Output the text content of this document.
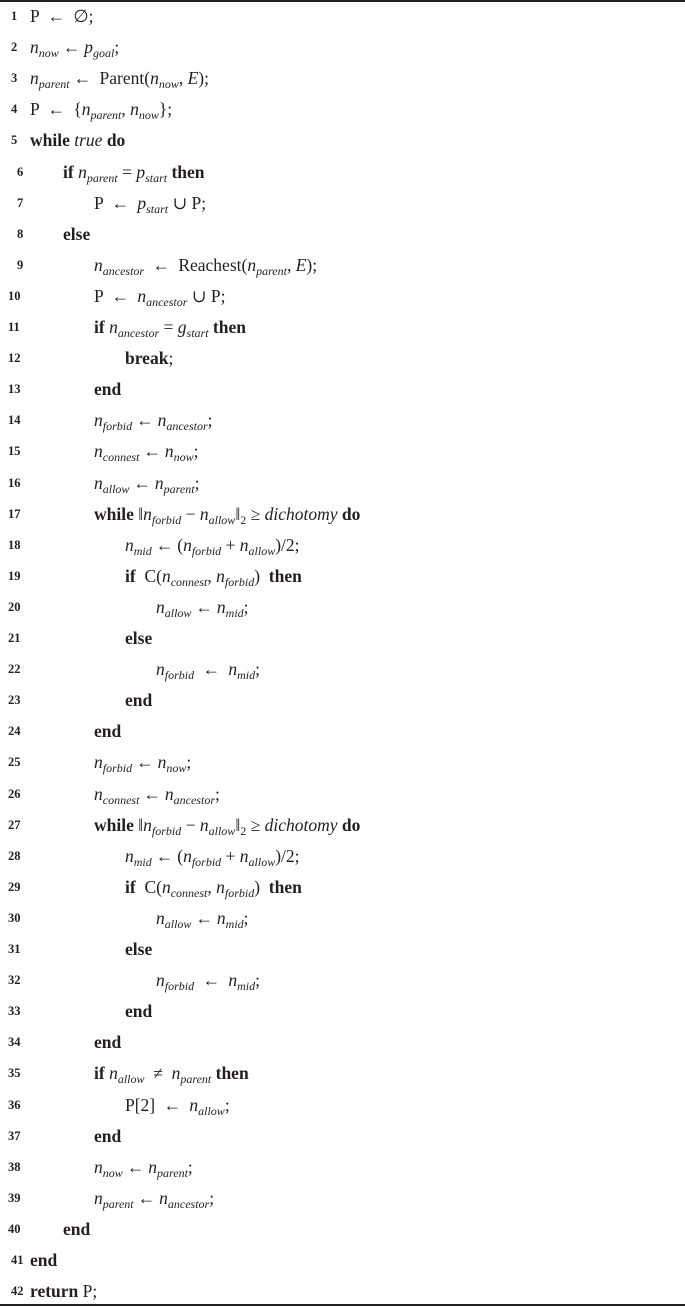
1 P ← ∅;
2 $n_{now}$ ← $p_{goal}$;
3 $n_{parent}$ ← $Parent(n_{now}$, E);
4 P ← {$n_{parent}$, $n_{now}$};
5 while true do
6 if $n_{parent} = p_{start}$ then
7	P ← $p_{start}$ ∪ P;
8 else
9	$n_{ancestor}$ ← $Reachest(n_{parent}$, E);
10	P ← $n_{ancestor}$ ∪ P;
11	if $n_{ancestor} = g_{start}$ then
12	break;
13	end
14	$n_{forbid}$ ← $n_{ancestor}$;
15	$n_{connest}$ ← $n_{now}$;
16	$n_{allow}$ ← $n_{parent}$;
17	while $‖n_{forbid}$ − $n_{allow}‖_2$ ≥ dichotomy do
18	$n_{mid}$ ← $(n_{forbid} + n_{allow})/2$;
19	if  $C(n_{connest}$, $n_{forbid}$)  then
20	$n_{allow}$ ← $n_{mid}$;
21	else
22	$n_{forbid}$ ← $n_{mid}$;
23	end
24	end
25	$n_{forbid}$ ← $n_{now}$;
26	$n_{connest}$ ← $n_{ancestor}$;
27	while $‖n_{forbid}$ − $n_{allow}‖_2$ ≥ dichotomy do
28	$n_{mid}$ ← $(n_{forbid} + n_{allow})/2$;
29	if  $C(n_{connest}$, $n_{forbid}$)  then
30	$n_{allow}$ ← $n_{mid}$;
31	else
32	$n_{forbid}$ ← $n_{mid}$;
33	end
34	end
35	if $n_{allow} \ne n_{parent}$ then
36	P[2] ← $n_{allow}$;
37	end
38	$n_{now}$ ← $n_{parent}$;
39	$n_{parent}$ ← $n_{ancestor}$;
40 end
41 end
42 return P;
